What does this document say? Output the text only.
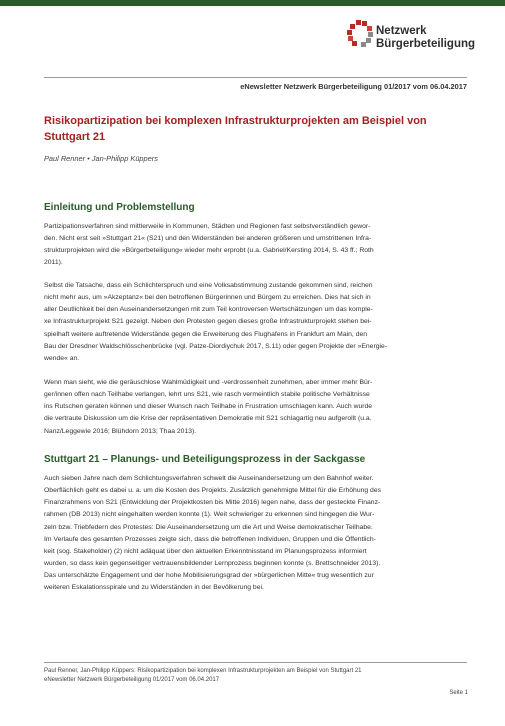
Netzwerk
Bürgerbeteiligung
eNewsletter Netzwerk Bürgerbeteiligung 01/2017 vom 06.04.2017
Risikopartizipation bei komplexen Infrastrukturprojekten am Beispiel von Stuttgart 21
Paul Renner • Jan-Philipp Küppers
Einleitung und Problemstellung
Partizipationsverfahren sind mittlerweile in Kommunen, Städten und Regionen fast selbstverständlich gewor-
den. Nicht erst seit »Stuttgart 21« (S21) und den Widerständen bei anderen größeren und umstrittenen Infra-
strukturprojekten wird die »Bürgerbeteiligung« wieder mehr erprobt (u.a. Gabriel/Kersting 2014, S. 43 ff.; Roth
2011).
Selbst die Tatsache, dass ein Schlichterspruch und eine Volksabstimmung zustande gekommen sind, reichen
nicht mehr aus, um »Akzeptanz« bei den betroffenen Bürgerinnen und Bürgern zu erreichen. Dies hat sich in
aller Deutlichkeit bei den Auseinandersetzungen mit zum Teil kontroversen Wertschätzungen um das komple-
xe Infrastrukturprojekt S21 gezeigt. Neben den Protesten gegen dieses große Infrastrukturprojekt stehen bei-
spielhaft weitere auftretende Widerstände gegen die Erweiterung des Flughafens in Frankfurt am Main, den
Bau der Dresdner Waldschlösschenbrücke (vgl. Patze-Diordiychuk 2017, S.11) oder gegen Projekte der »Energie-
wende« an.
Wenn man sieht, wie die geräuschlose Wahlmüdigkeit und -verdrossenheit zunehmen, aber immer mehr Bür-
ger/innen offen nach Teilhabe verlangen, lehrt uns S21, wie rasch vermeintlich stabile politische Verhältnisse
ins Rutschen geraten können und dieser Wunsch nach Teilhabe in Frustration umschlagen kann. Auch wurde
die vertraute Diskussion um die Krise der repräsentativen Demokratie mit S21 schlagartig neu aufgerollt (u.a.
Nanz/Leggewie 2016; Blühdorn 2013; Thaa 2013).
Stuttgart 21 – Planungs- und Beteiligungsprozess in der Sackgasse
Auch sieben Jahre nach dem Schlichtungsverfahren schwelt die Auseinandersetzung um den Bahnhof weiter.
Oberflächlich geht es dabei u. a. um die Kosten des Projekts. Zusätzlich genehmigte Mittel für die Erhöhung des
Finanzrahmens von S21 (Entwicklung der Projektkosten bis Mitte 2016) legen nahe, dass der gesteckte Finanz-
rahmen (DB 2013) nicht eingehalten werden konnte (1). Weit schwieriger zu erkennen sind hingegen die Wur-
zeln bzw. Triebfedern des Protestes: Die Auseinandersetzung um die Art und Weise demokratischer Teilhabe.
Im Verlaufe des gesamten Prozesses zeigte sich, dass die betroffenen Individuen, Gruppen und die Öffentlich-
keit (sog. Stakeholder) (2) nicht adäquat über den aktuellen Erkenntnisstand im Planungsprozess informiert
wurden, so dass kein gegenseitiger vertrauensbildender Lernprozess beginnen konnte (s. Brettschneider 2013).
Das unterschätzte Engagement und der hohe Mobilisierungsgrad der »bürgerlichen Mitte« trug wesentlich zur
weiteren Eskalationsspirale und zu Widerständen in der Bevölkerung bei.
Paul Renner, Jan-Philipp Küppers: Risikopartizipation bei komplexen Infrastrukturprojekten am Beispiel von Stuttgart 21
eNewsletter Netzwerk Bürgerbeteiligung 01/2017 vom 06.04.2017
Seite 1
